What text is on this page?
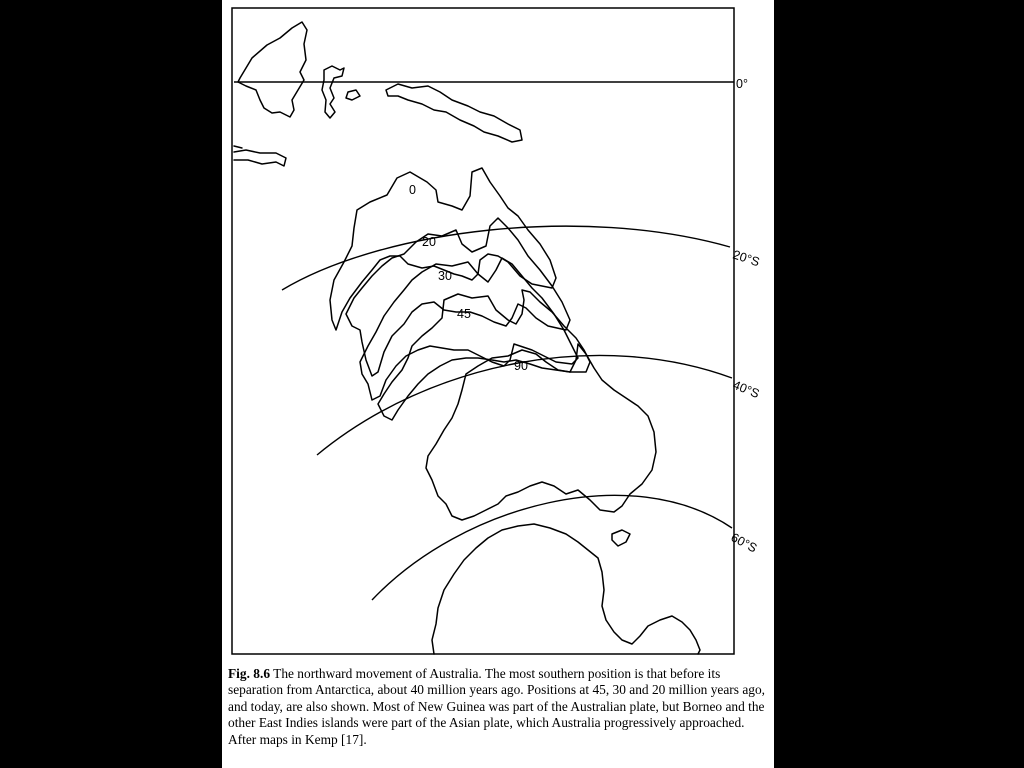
0°
20°S
40°S
60°S
0
20
30
45
90
Fig. 8.6 The northward movement of Australia. The most southern position is that before its separation from Antarctica, about 40 million years ago. Positions at 45, 30 and 20 million years ago, and today, are also shown. Most of New Guinea was part of the Australian plate, but Borneo and the other East Indies islands were part of the Asian plate, which Australia progressively approached. After maps in Kemp [17].
